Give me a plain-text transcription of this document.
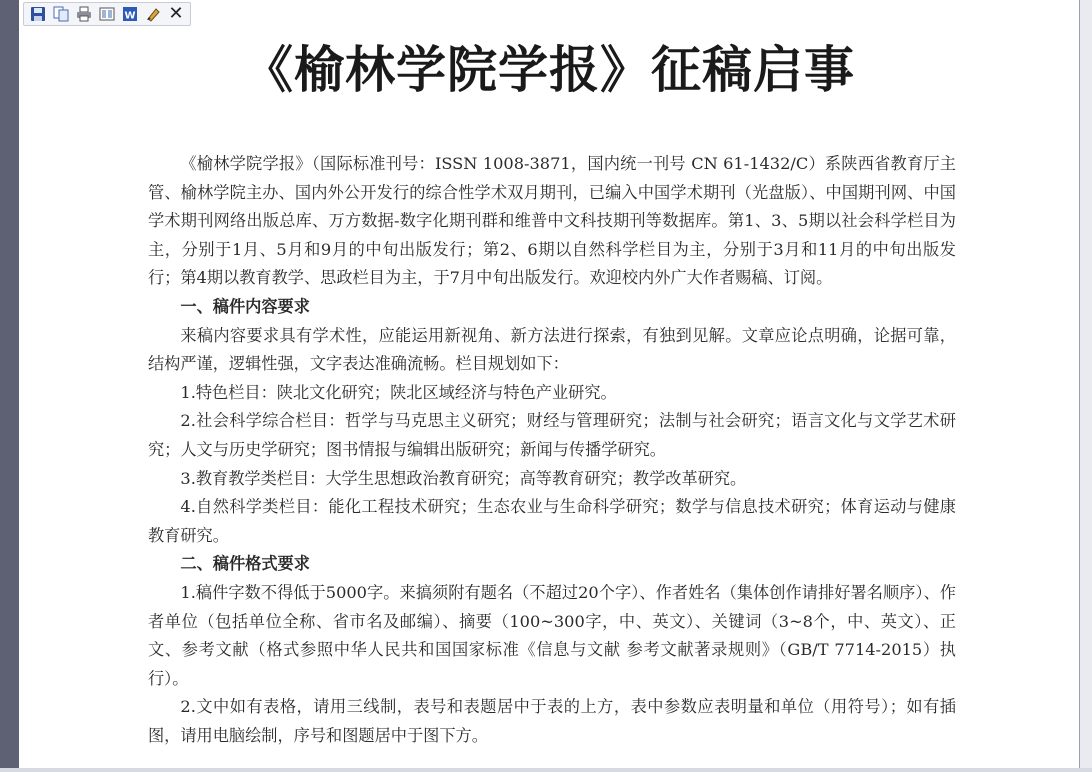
W ✕
《榆林学院学报》征稿启事

《榆林学院学报》（国际标准刊号：ISSN 1008-3871，国内统一刊号 CN 61-1432/C）系陕西省教育厅主管、榆林学院主办、国内外公开发行的综合性学术双月期刊，已编入中国学术期刊（光盘版）、中国期刊网、中国学术期刊网络出版总库、万方数据-数字化期刊群和维普中文科技期刊等数据库。第1、3、5期以社会科学栏目为主，分别于1月、5月和9月的中旬出版发行；第2、6期以自然科学栏目为主，分别于3月和11月的中旬出版发行；第4期以教育教学、思政栏目为主，于7月中旬出版发行。欢迎校内外广大作者赐稿、订阅。

一、稿件内容要求

来稿内容要求具有学术性，应能运用新视角、新方法进行探索，有独到见解。文章应论点明确，论据可靠，结构严谨，逻辑性强，文字表达准确流畅。栏目规划如下：

1.特色栏目：陕北文化研究；陕北区域经济与特色产业研究。

2.社会科学综合栏目：哲学与马克思主义研究；财经与管理研究；法制与社会研究；语言文化与文学艺术研究；人文与历史学研究；图书情报与编辑出版研究；新闻与传播学研究。

3.教育教学类栏目：大学生思想政治教育研究；高等教育研究；教学改革研究。

4.自然科学类栏目：能化工程技术研究；生态农业与生命科学研究；数学与信息技术研究；体育运动与健康教育研究。

二、稿件格式要求

1.稿件字数不得低于5000字。来搞须附有题名（不超过20个字）、作者姓名（集体创作请排好署名顺序）、作者单位（包括单位全称、省市名及邮编）、摘要（100~300字，中、英文）、关键词（3~8个，中、英文）、正文、参考文献（格式参照中华人民共和国国家标准《信息与文献 参考文献著录规则》（GB/T 7714-2015）执行）。

2.文中如有表格，请用三线制，表号和表题居中于表的上方，表中参数应表明量和单位（用符号）；如有插图，请用电脑绘制，序号和图题居中于图下方。
